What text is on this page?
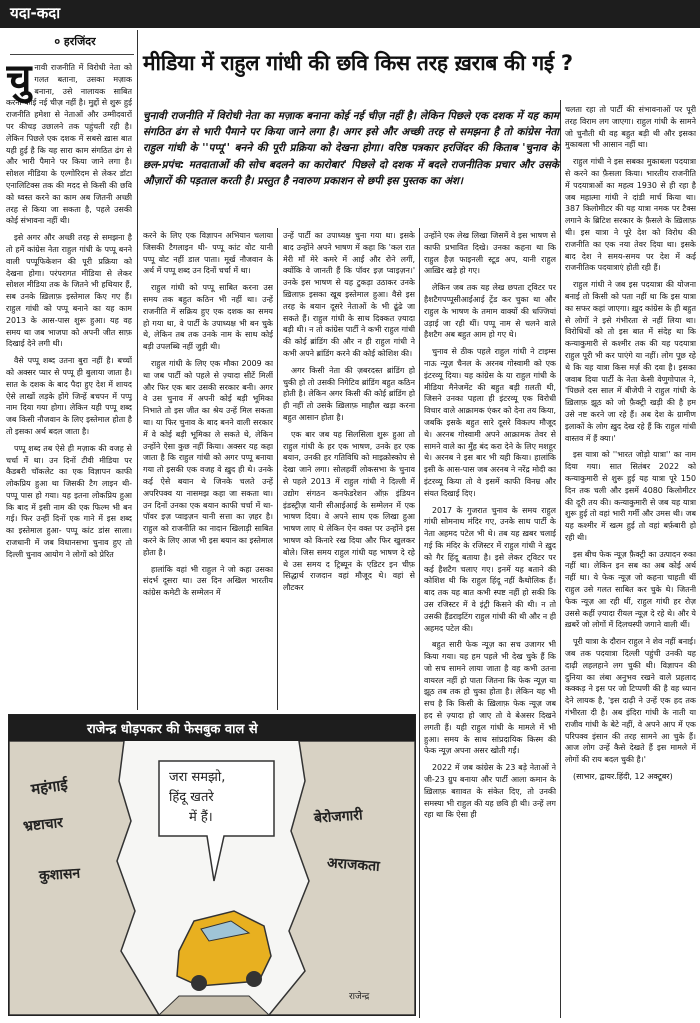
यदा-कदा
० हरजिंदर
मीडिया में राहुल गांधी की छवि किस तरह ख़राब की गई ?
चुनावी राजनीति में विरोधी नेता का मज़ाक बनाना कोई नई चीज़ नहीं है। लेकिन पिछले एक दशक में यह काम संगठित ढंग से भारी पैमाने पर किया जाने लगा है। अगर इसे और अच्छी तरह से समझना है तो कांग्रेस नेता राहुल गांधी के ''पप्पू'' बनने की पूरी प्रक्रिया को देखना होगा। वरिष्ठ पत्रकार हरजिंदर की किताब 'चुनाव के छल-प्रपंच: मतदाताओं की सोच बदलने का कारोबार' पिछले दो दशक में बदले राजनीतिक प्रचार और उसके औज़ारों की पड़ताल करती है। प्रस्तुत है नवारुण प्रकाशन से छपी इस पुस्तक का अंश।

चुनावी राजनीति में विरोधी नेता को गलत बताना, उसका मज़ाक बनाना, उसे नालायक साबित करना कोई नई चीज़ नहीं है। मुद्दों से शुरू हुई राजनीति हमेशा से नेताओं और उम्मीदवारों पर कीचड़ उछालने तक पहुंचती रही है। लेकिन पिछले एक दशक में सबसे ख़ास बात यही हुई है कि यह सारा काम संगठित ढंग से और भारी पैमाने पर किया जाने लगा है। सोशल मीडिया के एल्गोरिदम से लेकर डॉटा एनालिटिक्स तक की मदद से किसी की छवि को ध्वस्त करने का काम अब जितनी अच्छी तरह से किया जा सकता है, पहले उसकी कोई संभावना नहीं थी।

इसे अगर और अच्छी तरह से समझना है तो हमें कांग्रेस नेता राहुल गांधी के पप्पू बनने वाली पप्पूफिकेशन की पूरी प्रक्रिया को देखना होगा। परंपरागत मीडिया से लेकर सोशल मीडिया तक के जितने भी हथियार हैं, सब उनके ख़िलाफ़ इस्तेमाल किए गए हैं। राहुल गांधी को पप्पू बनाने का यह काम 2013 के आस-पास शुरू हुआ। यह वह समय था जब भाजपा को अपनी जीत साफ़ दिखाई देने लगी थी।

वैसे पप्पू शब्द उतना बुरा नहीं है। बच्चों को अक्सर प्यार से पप्पू ही बुलाया जाता है। सात के दशक के बाद पैदा हुए देश में शायद ऐसे लाखों लड़के होंगे जिन्हें बचपन में पप्पू नाम दिया गया होगा। लेकिन यही पप्पू शब्द जब किसी नौजवान के लिए इस्तेमाल होता है तो इसका अर्थ बदल जाता है।

पप्पू शब्द तब ऐसे ही मज़ाक की वजह से चर्चा में था। उन दिनों टीवी मीडिया पर कैडबरी चॉकलेट का एक विज्ञापन काफी लोकप्रिय हुआ था जिसकी टैग लाइन थी- पप्पू पास हो गया। यह इतना लोकप्रिय हुआ कि बाद में इसी नाम की एक फिल्म भी बन गई। फिर उन्हीं दिनों एक गाने में इस शब्द का इस्तेमाल हुआ- पप्पू कांट डांस साला। राजधानी में जब विधानसभा चुनाव हुए तो दिल्ली चुनाव आयोग ने लोगों को प्रेरित

करने के लिए एक विज्ञापन अभियान चलाया जिसकी टैगलाइन थी- पप्पू कांट वोट यानी पप्पू वोट नहीं डाल पाता। मूर्ख नौजवान के अर्थ में पप्पू शब्द उन दिनों चर्चा में था।

राहुल गांधी को पप्पू साबित करना उस समय तक बहुत कठिन भी नहीं था। उन्हें राजनीति में सक्रिय हुए एक दशक का समय हो गया था, वे पार्टी के उपाध्यक्ष भी बन चुके थे, लेकिन तब तक उनके नाम के साथ कोई बड़ी उपलब्धि नहीं जुड़ी थी।

राहुल गांधी के लिए एक मौका 2009 का था जब पार्टी को पहले से ज़्यादा सीटें मिलीं और फिर एक बार उसकी सरकार बनी। अगर वे उस चुनाव में अपनी कोई बड़ी भूमिका निभाते तो इस जीत का श्रेय उन्हें मिल सकता था। या फिर चुनाव के बाद बनने वाली सरकार में वे कोई बड़ी भूमिका ले सकते थे, लेकिन उन्होंने ऐसा कुछ नहीं किया। अक्सर यह कहा जाता है कि राहुल गांधी को अगर पप्पू बनाया गया तो इसकी एक वजह वे ख़ुद ही थे। उनके कई ऐसे बयान थे जिनके चलते उन्हें अपरिपक्व या नासमझ कहा जा सकता था। उन दिनों उनका एक बयान काफी चर्चा में था- पॉवर इज़ प्वाइज़न यानी सत्ता का ज़हर है। राहुल को राजनीति का नादान खिलाड़ी साबित करने के लिए आज भी इस बयान का इस्तेमाल होता है।

हालांकि वहां भी राहुल ने जो कहा उसका संदर्भ दूसरा था। उस दिन अखिल भारतीय कांग्रेस कमेटी के सम्मेलन में

उन्हें पार्टी का उपाध्यक्ष चुना गया था। इसके बाद उन्होंने अपने भाषण में कहा कि 'कल रात मेरी माँ मेरे कमरे में आईं और रोने लगीं, क्योंकि वे जानती हैं कि पॉवर इज़ प्वाइज़न।' उनके इस भाषण से यह टुकड़ा उठाकर उनके ख़िलाफ़ इसका खूब इस्तेमाल हुआ। वैसे इस तरह के बयान दूसरे नेताओं के भी ढूंढे जा सकते हैं। राहुल गांधी के साथ दिक्कत ज़्यादा बड़ी थी। न तो कांग्रेस पार्टी ने कभी राहुल गांधी की कोई ब्रांडिंग की और न ही राहुल गांधी ने कभी अपने ब्रांडिंग करने की कोई कोशिश की।

अगर किसी नेता की ज़बरदस्त ब्रांडिंग हो चुकी हो तो उसकी निगेटिव ब्रांडिंग बहुत कठिन होती है। लेकिन अगर किसी की कोई ब्रांडिंग हो ही नहीं तो उसके ख़िलाफ़ माहौल खड़ा करना बहुत आसान होता है।

एक बार जब यह सिलसिला शुरू हुआ तो राहुल गांधी के हर एक भाषण, उनके हर एक बयान, उनकी हर गतिविधि को माइक्रोस्कोप से देखा जाने लगा। सोलहवीं लोकसभा के चुनाव से पहले 2013 में राहुल गांधी ने दिल्ली में उद्योग संगठन कनफेडरेशन ऑफ़ इंडियन इंडस्ट्रीज़ यानी सीआईआई के सम्मेलन में एक भाषण दिया। वे अपने साथ एक लिखा हुआ भाषण लाए थे लेकिन ऐन वक्त पर उन्होंने इस भाषण को किनारे रख दिया और फिर खुलकर बोले। जिस समय राहुल गांधी यह भाषण दे रहे थे उस समय द ट्रिब्यून के एडिटर इन चीफ़ सिद्धार्थ राजदान वहां मौजूद थे। वहां से लौटकर

उन्होंने एक लेख लिखा जिसमें वे इस भाषण से काफी प्रभावित दिखे। उनका कहना था कि राहुल हैज़ फाइनली स्टूड अप, यानी राहुल आख़िर खड़े हो गए।

लेकिन जब तक यह लेख छपता ट्विटर पर हैशटैगपप्पूसीआईआई ट्रेंड कर चुका था और राहुल के भाषण के तमाम वाक्यों की धज्जियां उड़ाई जा रही थीं। पप्पू नाम से चलने वाले हैशटैग अब बहुत आम हो गए थे।

चुनाव से ठीक पहले राहुल गांधी ने टाइम्स नाऊ न्यूज़ चैनल के अरनब गोस्वामी को एक इंटरव्यू दिया। यह कांग्रेस के या राहुल गांधी के मीडिया मैनेजमेंट की बहुत बड़ी ग़लती थी, जिसने उनका पहला ही इंटरव्यू एक विरोधी विचार वाले आक्रामक एंकर को देना तय किया, जबकि इसके बहुत सारे दूसरे विकल्प मौजूद थे। अरनब गोस्वामी अपने आक्रामक तेवर से सामने वाले का मुँह बंद करा देने के लिए मशहूर थे। अरनब ने इस बार भी यही किया। हालांकि इसी के आस-पास जब अरनब ने नरेंद्र मोदी का इंटरव्यू किया तो वे इसमें काफी विनम्र और संयत दिखाई दिए।

2017 के गुजरात चुनाव के समय राहुल गांधी सोमनाथ मंदिर गए, उनके साथ पार्टी के नेता अहमद पटेल भी थे। तब यह ख़बर चलाई गई कि मंदिर के रजिस्टर में राहुल गांधी ने ख़ुद को गैर हिंदू बताया है। इसे लेकर ट्विटर पर कई हैशटैग चलाए गए। इनमें यह बताने की कोशिश थी कि राहुल हिंदू नहीं कैथोलिक हैं। बाद तक यह बात कभी स्पष्ट नहीं हो सकी कि उस रजिस्टर में वे इंट्री किसने की थी। न तो उसकी हैंडराइटिंग राहुल गांधी की थी और न ही अहमद पटेल की।

बहुत सारी फेक न्यूज़ का सच उजागर भी किया गया। यह हम पहले भी देख चुके हैं कि जो सच सामने लाया जाता है वह कभी उतना वायरल नहीं हो पाता जितना कि फेक न्यूज़ या झूठ तब तक हो चुका होता है। लेकिन यह भी सच है कि किसी के ख़िलाफ़ फेक न्यूज़ जब हद से ज़्यादा हो जाए तो वे बेअसर दिखने लगती हैं। यही राहुल गांधी के मामले में भी हुआ। समय के साथ सांप्रदायिक किस्म की फेक न्यूज़ अपना असर खोती गईं।

2022 में जब कांग्रेस के 23 बड़े नेताओं ने जी-23 ग्रुप बनाया और पार्टी आला कमान के ख़िलाफ़ बग़ावत के संकेत दिए, तो उनकी समस्या भी राहुल की यह छवि ही थी। उन्हें लग रहा था कि ऐसा ही

चलता रहा तो पार्टी की संभावनाओं पर पूरी तरह विराम लग जाएगा। राहुल गांधी के सामने जो चुनौती थी वह बहुत बड़ी थी और इसका मुकाबला भी आसान नहीं था।

राहुल गांधी ने इस सबका मुकाबला पदयात्रा से करने का फ़ैसला किया। भारतीय राजनीति में पदयात्राओं का महत्व 1930 से ही रहा है जब महात्मा गांधी ने दांडी मार्च किया था। 387 किलोमीटर की यह यात्रा नमक पर टैक्स लगाने के ब्रिटिश सरकार के फ़ैसले के ख़िलाफ़ थी। इस यात्रा ने पूरे देश को विरोध की राजनीति का एक नया तेवर दिया था। इसके बाद देश ने समय-समय पर देश में कई राजनीतिक पदयात्राएं होती रही हैं।

राहुल गांधी ने जब इस पदयात्रा की योजना बनाई तो किसी को पता नहीं था कि इस यात्रा का सफर कहां जाएगा। ख़ुद कांग्रेस के ही बहुत से लोगों ने इसे गंभीरता से नहीं लिया था। विरोधियों को तो इस बात में संदेह था कि कन्याकुमारी से कश्मीर तक की यह पदयात्रा राहुल पूरी भी कर पाएंगे या नहीं। लोग पूछ रहे थे कि यह यात्रा किस मर्ज़ की दवा है। इसका जवाब दिया पार्टी के नेता केसी वेणुगोपाल ने, 'पिछले दस साल में बीजेपी ने राहुल गांधी के ख़िलाफ़ झूठ को जो फ़ैक्ट्री खड़ी की है हम उसे नष्ट करने जा रहे हैं। अब देश के ग्रामीण इलाकों के लोग ख़ुद देख रहे हैं कि राहुल गांधी वास्तव में हैं क्या।'

इस यात्रा को ''भारत जोड़ो यात्रा'' का नाम दिया गया। सात सितंबर 2022 को कन्याकुमारी से शुरू हुई यह यात्रा पूरे 150 दिन तक चली और इसमें 4080 किलोमीटर की दूरी तय की। कन्याकुमारी से जब यह यात्रा शुरू हुई तो वहां भारी गर्मी और उमस थी। जब यह कश्मीर में खत्म हुई तो वहां बर्फ़बारी हो रही थी।

इस बीच फेक न्यूज़ फ़ैक्ट्री का उत्पादन रुका नहीं था। लेकिन इन सब का अब कोई अर्थ नहीं था। ये फेक न्यूज़ जो कहना चाहती थीं राहुल उसे गलत साबित कर चुके थे। जितनी फेक न्यूज़ आ रही थीं, राहुल गांधी हर रोज़ उससे कहीं ज़्यादा रीयल न्यूज़ दे रहे थे। और ये ख़बरें जो लोगों में दिलचस्पी जगाने वाली थीं।

पूरी यात्रा के दौरान राहुल ने शेव नहीं बनाई। जब तक पदयात्रा दिल्ली पहुंची उनकी यह दाढ़ी लहलहाने लग चुकी थी। विज्ञापन की दुनिया का लंबा अनुभव रखने वाले प्रहलाद कक्कड़ ने इस पर जो टिप्पणी की है वह ध्यान देने लायक है, 'इस दाढ़ी ने उन्हें एक हद तक गंभीरता दी है। अब इंदिरा गांधी के नाती या राजीव गांधी के बेटे नहीं, वे अपने आप में एक परिपक्व इंसान की तरह सामने आ चुके हैं। आज लोग उन्हें कैसे देखते हैं इस मामले में लोगों की राय बदल चुकी है।'

(साभार, द्वायर.हिंदी, 12 अक्टूबर)

राजेन्द्र धोड़पकर की फेसबुक वाल से
महंगाई
भ्रष्टाचार
कुशासन
बेरोजगारी
अराजकता
जरा समझो,
हिंदू खतरे
में हैं।
राजेन्द्र
